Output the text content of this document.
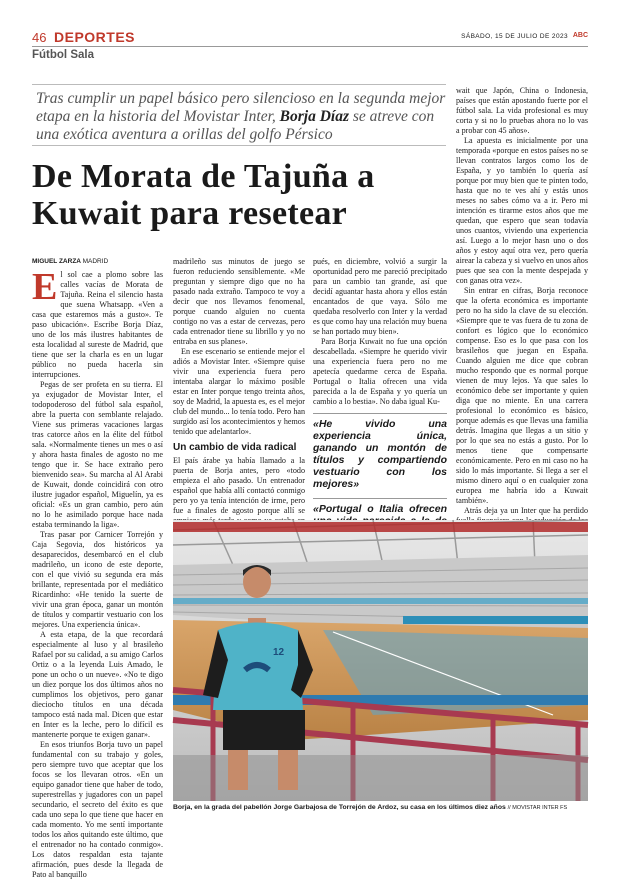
46 DEPORTES	SÁBADO, 15 DE JULIO DE 2023 ABC
Fútbol Sala
Tras cumplir un papel básico pero silencioso en la segunda mejor etapa en la historia del Movistar Inter, Borja Díaz se atreve con una exótica aventura a orillas del golfo Pérsico
De Morata de Tajuña a Kuwait para resetear
MIGUEL ZARZA MADRID
E l sol cae a plomo sobre las calles vacías de Morata de Tajuña. Reina el silencio hasta que suena Whatsapp. «Ven a casa que estaremos más a gusto». Te paso ubicación». Escribe Borja Díaz, uno de los más ilustres habitantes de esta localidad al sureste de Madrid, que tiene que ser la charla es en un lugar público no pueda hacerla sin interrupciones.

Pegas de ser profeta en su tierra. El ya exjugador de Movistar Inter, el todopoderoso del fútbol sala español, abre la puerta con semblante relajado. Viene sus primeras vacaciones largas tras catorce años en la élite del fútbol sala. «Normalmente tienes un mes o así y ahora hasta finales de agosto no me tengo que ir. Se hace extraño pero bienvenido sea». Su marcha al Al Arabi de Kuwait, donde coincidirá con otro ilustre jugador español, Miguelín, ya es oficial: «Es un gran cambio, pero aún no lo he asimilado porque hace nada estaba terminando la liga».

Tras pasar por Carnicer Torrejón y Caja Segovia, dos históricos ya desaparecidos, desembarcó en el club madrileño, un icono de este deporte, con el que vivió su segunda era más brillante, representada por el mediático Ricardinho: «He tenido la suerte de vivir una gran época, ganar un montón de títulos y compartir vestuario con los mejores. Una experiencia única».

A esta etapa, de la que recordará especialmente al luso y al brasileño Rafael por su calidad, a su amigo Carlos Ortiz o a la leyenda Luis Amado, le pone un ocho o un nueve». «No te digo un diez porque los dos últimos años no cumplimos los objetivos, pero ganar dieciocho títulos en una década tampoco está nada mal. Dicen que estar en Inter es la leche, pero lo difícil es mantenerte porque te exigen ganar».

En esos triunfos Borja tuvo un papel fundamental con su trabajo y goles, pero siempre tuvo que aceptar que los focos se los llevaran otros. «En un equipo ganador tiene que haber de todo, superestrellas y jugadores con un papel secundario, el secreto del éxito es que cada uno sepa lo que tiene que hacer en cada momento. Yo me sentí importante todos los años quitando este último, que el entrenador no ha contado conmigo». Los datos respaldan esta tajante afirmación, pues desde la llegada de Pato al banquillo

madrileño sus minutos de juego se fueron reduciendo sensiblemente. «Me preguntan y siempre digo que no ha pasado nada extraño. Tampoco te voy a decir que nos llevamos fenomenal, porque cuando alguien no cuenta contigo no vas a estar de cervezas, pero cada entrenador tiene su librillo y yo no entraba en sus planes».

En ese escenario se entiende mejor el adiós a Movistar Inter. «Siempre quise vivir una experiencia fuera pero intentaba alargar lo máximo posible estar en Inter porque tengo treinta años, soy de Madrid, la apuesta es, es el mejor club del mundo... lo tenía todo. Pero han surgido así los acontecimientos y hemos tenido que adelantarlo».

Un cambio de vida radical

El país árabe ya había llamado a la puerta de Borja antes, pero «todo empieza el año pasado. Un entrenador español que había allí contactó conmigo pero yo ya tenía intención de irme, pero fue a finales de agosto porque allí se

pués, en diciembre, volvió a surgir la oportunidad pero me pareció precipitado para un cambio tan grande, así que decidí aguantar hasta ahora y ellos están encantados de que vaya. Sólo me quedaba resolverlo con Inter y la verdad es que como hay una relación muy buena se han portado muy bien».

Para Borja Kuwait no fue una opción descabellada. «Siempre he querido vivir una experiencia fuera pero no me apetecía quedarme cerca de España. Portugal o Italia ofrecen una vida parecida a la de España y yo quería un cambio a lo bestia». No daba igual Ku-

«He vivido una experiencia única, ganando un montón de títulos y compartiendo vestuario con los mejores»
«Portugal o Italia ofrecen

wait que Japón, China o Indonesia, países que están apostando fuerte por el fútbol sala. La vida profesional es muy corta y si no lo pruebas ahora no lo vas a probar con 45 años».

La apuesta es inicialmente por una temporada «porque en estos países no se llevan contratos largos como los de España, y yo también lo quería así porque por muy bien que te pinten todo, hasta que no te ves ahí y estás unos meses no sabes cómo va a ir. Pero mi intención es tirarme estos años que me quedan, que espero que sean todavía unos cuantos, viviendo una experiencia así. Luego a lo mejor hasn uno o dos años y estoy aquí otra vez, pero quería airear la cabeza y si vuelvo en unos años pues que sea con la mente despejada y con ganas otra vez».

Sin entrar en cifras, Borja reconoce que la oferta económica es importante pero no ha sido la clave de su elección. «Siempre que te vas fuera de tu zona de confort es lógico que lo económico compense. Eso es lo que pasa con los brasileños que juegan en España. Cuando alguien me dice que cobran mucho respondo que es normal porque vienen de muy lejos. Ya que sales lo económico debe ser importante y quien diga que no miente. En una carrera profesional lo económico es básico, porque además es que llevas una familia detrás. Imagina que llegas a un sitio y por lo que sea no estás a gusto. Por lo menos tiene que compensarte económicamente. Pero en mi caso no ha sido lo más importante. Si llega a ser el mismo dinero aquí o en cualquier zona europea me habría ido a Kuwait también».

Atrás deja ya un Inter que ha perdido

12
Borja, en la grada del pabellón Jorge Garbajosa de Torrejón de Ardoz, su casa en los últimos diez años // MOVISTAR INTER FS
